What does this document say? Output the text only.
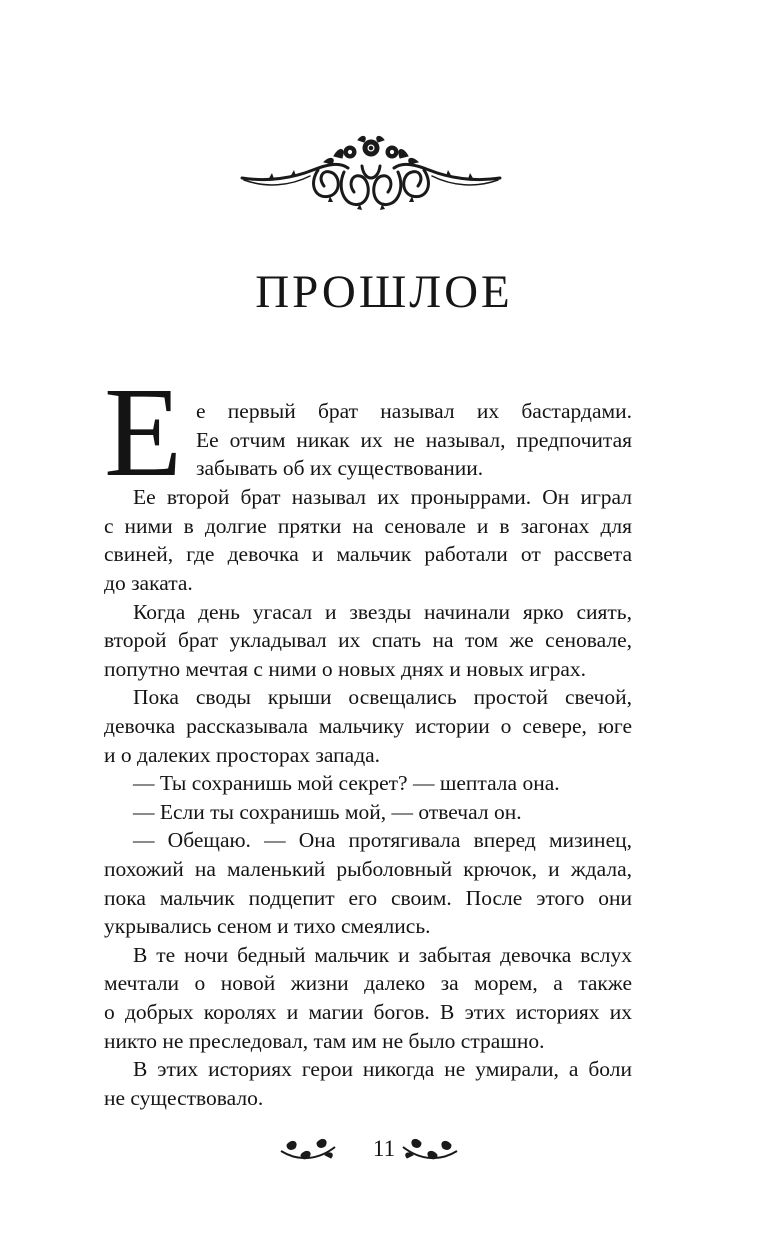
ПРОШЛОЕ
Е е первый брат называл их бастардами.
Ее отчим никак их не называл, предпочитая
забывать об их существовании.
Ее второй брат называл их проныррами. Он играл
с ними в долгие прятки на сеновале и в загонах для
свиней, где девочка и мальчик работали от рассвета
до заката.
Когда день угасал и звезды начинали ярко сиять,
второй брат укладывал их спать на том же сеновале,
попутно мечтая с ними о новых днях и новых играх.
Пока своды крыши освещались простой свечой,
девочка рассказывала мальчику истории о севере, юге
и о далеких просторах запада.
— Ты сохранишь мой секрет? — шептала она.
— Если ты сохранишь мой, — отвечал он.
— Обещаю. — Она протягивала вперед мизинец,
похожий на маленький рыболовный крючок, и ждала,
пока мальчик подцепит его своим. После этого они
укрывались сеном и тихо смеялись.
В те ночи бедный мальчик и забытая девочка вслух
мечтали о новой жизни далеко за морем, а также
о добрых королях и магии богов. В этих историях их
никто не преследовал, там им не было страшно.
В этих историях герои никогда не умирали, а боли
не существовало.
11
